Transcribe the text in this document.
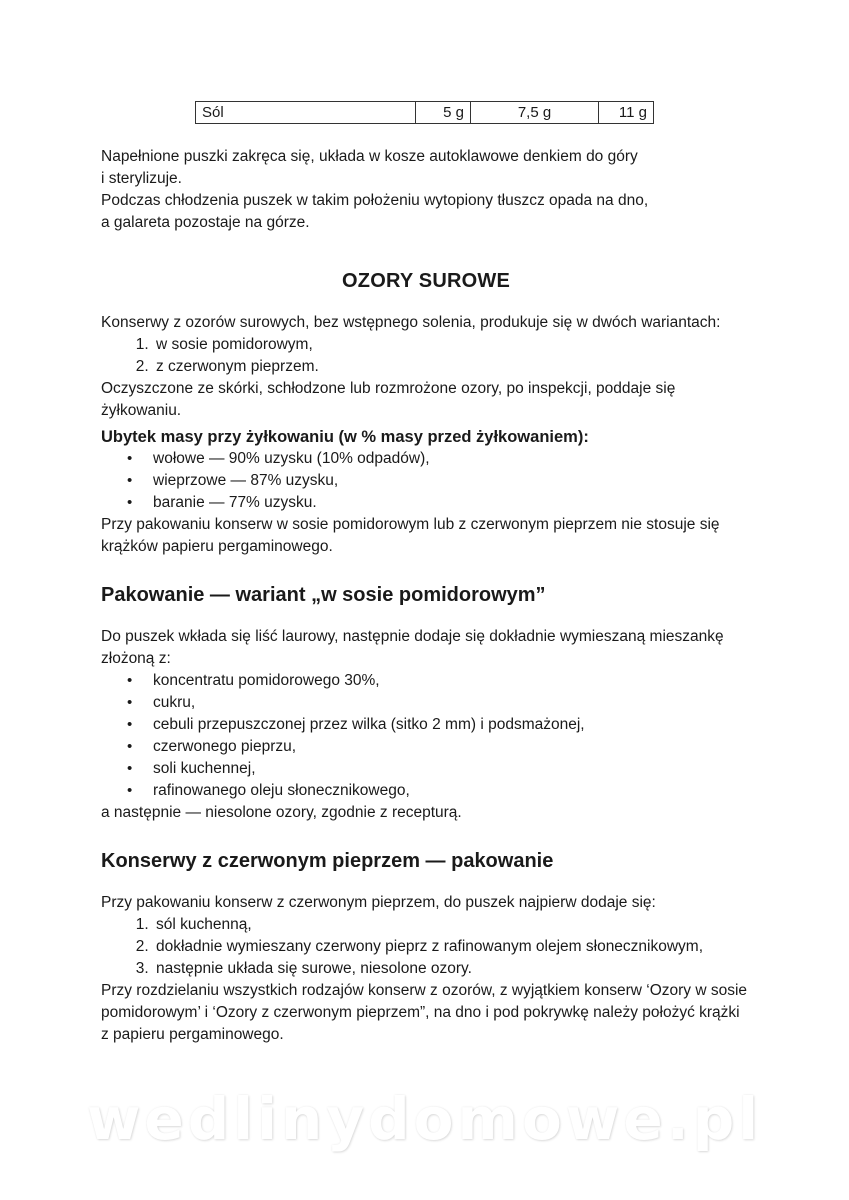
Sól	5 g	7,5 g	11 g

Napełnione puszki zakręca się, układa w kosze autoklawowe denkiem do góry
i sterylizuje.
Podczas chłodzenia puszek w takim położeniu wytopiony tłuszcz opada na dno,
a galareta pozostaje na górze.

OZORY SUROWE

Konserwy z ozorów surowych, bez wstępnego solenia, produkuje się w dwóch wariantach:

1. w sosie pomidorowym,
2. z czerwonym pieprzem.

Oczyszczone ze skórki, schłodzone lub rozmrożone ozory, po inspekcji, poddaje się żyłkowaniu.

Ubytek masy przy żyłkowaniu (w % masy przed żyłkowaniem):
• wołowe — 90% uzysku (10% odpadów),
• wieprzowe — 87% uzysku,
• baranie — 77% uzysku.

Przy pakowaniu konserw w sosie pomidorowym lub z czerwonym pieprzem nie stosuje się krążków papieru pergaminowego.

Pakowanie — wariant „w sosie pomidorowym”

Do puszek wkłada się liść laurowy, następnie dodaje się dokładnie wymieszaną mieszankę złożoną z:

• koncentratu pomidorowego 30%,
• cukru,
• cebuli przepuszczonej przez wilka (sitko 2 mm) i podsmażonej,
• czerwonego pieprzu,
• soli kuchennej,
• rafinowanego oleju słonecznikowego,

a następnie — niesolone ozory, zgodnie z recepturą.

Konserwy z czerwonym pieprzem — pakowanie

Przy pakowaniu konserw z czerwonym pieprzem, do puszek najpierw dodaje się:

1. sól kuchenną,
2. dokładnie wymieszany czerwony pieprz z rafinowanym olejem słonecznikowym,
3. następnie układa się surowe, niesolone ozory.

Przy rozdzielaniu wszystkich rodzajów konserw z ozorów, z wyjątkiem konserw ‘Ozory w sosie pomidorowym’ i ‘Ozory z czerwonym pieprzem”, na dno i pod pokrywkę należy położyć krążki z papieru pergaminowego.

wedlinydomowe.pl
